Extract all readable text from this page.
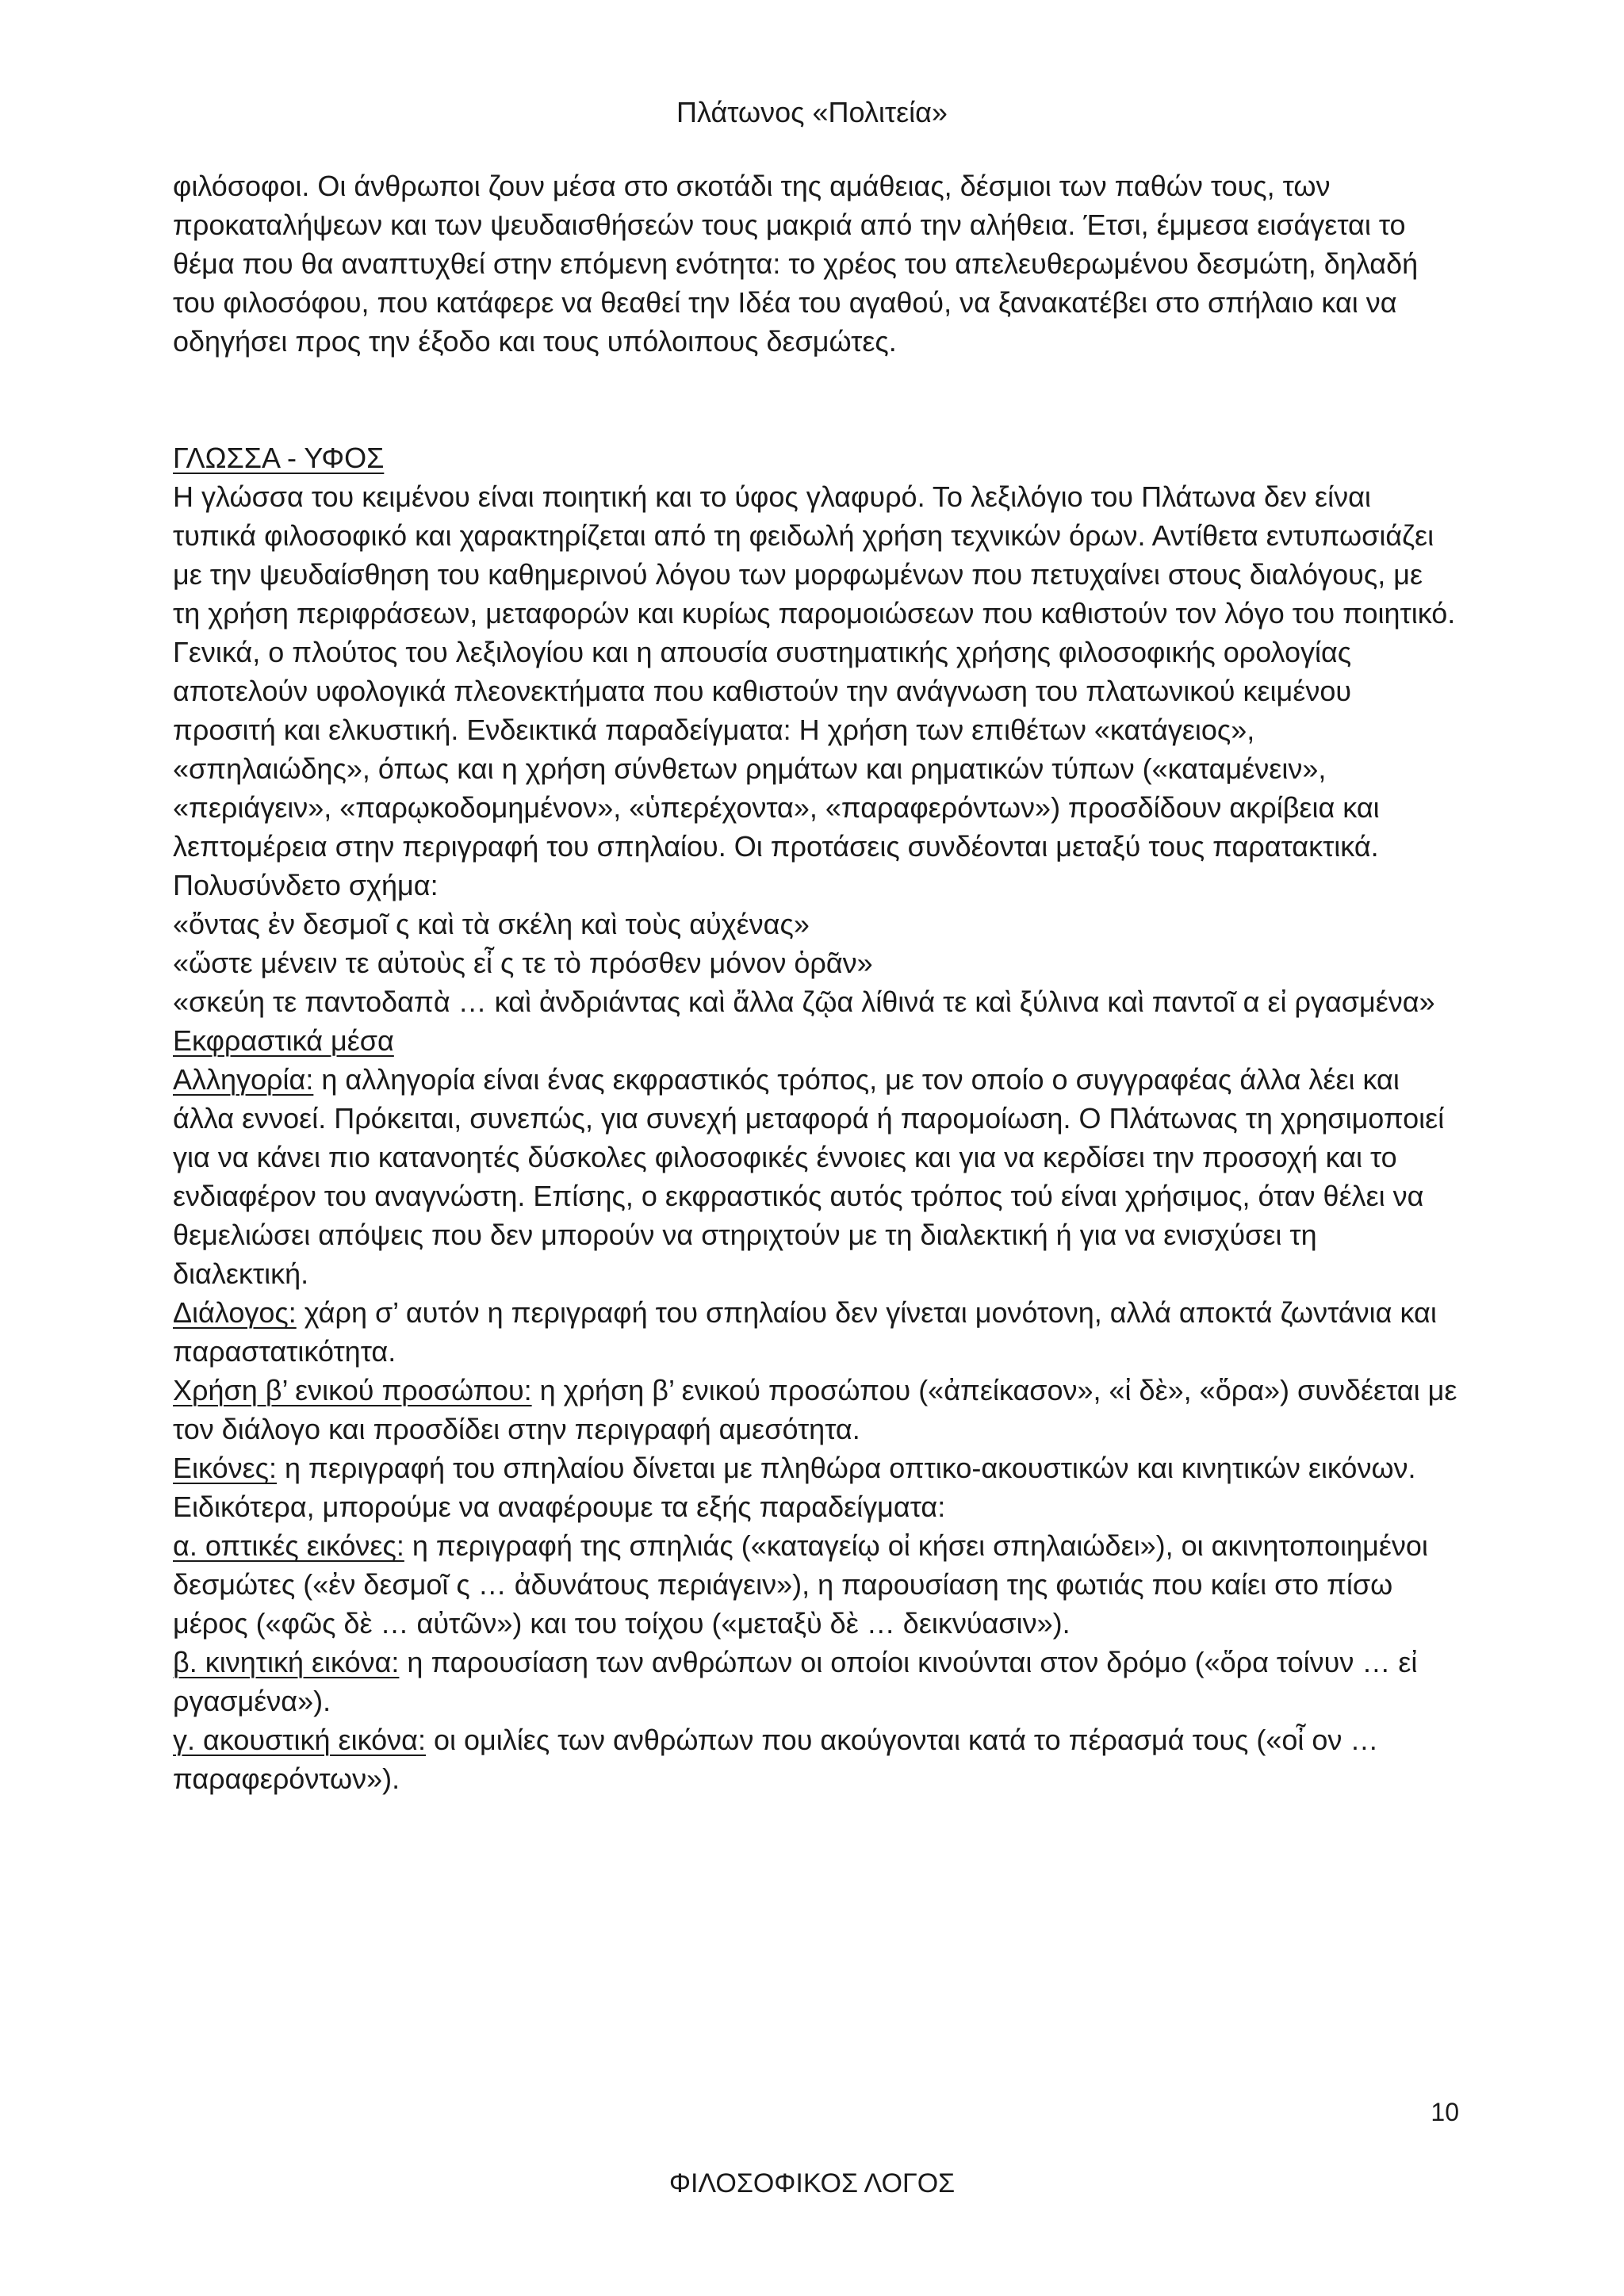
Πλάτωνος «Πολιτεία»

φιλόσοφοι. Οι άνθρωποι ζουν μέσα στο σκοτάδι της αμάθειας, δέσμιοι των παθών τους, των προκαταλήψεων και των ψευδαισθήσεών τους μακριά από την αλήθεια. Έτσι, έμμεσα εισάγεται το θέμα που θα αναπτυχθεί στην επόμενη ενότητα: το χρέος του απελευθερωμένου δεσμώτη, δηλαδή του φιλοσόφου, που κατάφερε να θεαθεί την Ιδέα του αγαθού, να ξανακατέβει στο σπήλαιο και να οδηγήσει προς την έξοδο και τους υπόλοιπους δεσμώτες.

ΓΛΩΣΣΑ - ΥΦΟΣ

Η γλώσσα του κειμένου είναι ποιητική και το ύφος γλαφυρό. Το λεξιλόγιο του Πλάτωνα δεν είναι τυπικά φιλοσοφικό και χαρακτηρίζεται από τη φειδωλή χρήση τεχνικών όρων. Αντίθετα εντυπωσιάζει με την ψευδαίσθηση του καθημερινού λόγου των μορφωμένων που πετυχαίνει στους διαλόγους, με τη χρήση περιφράσεων, μεταφορών και κυρίως παρομοιώσεων που καθιστούν τον λόγο του ποιητικό. Γενικά, ο πλούτος του λεξιλογίου και η απουσία συστηματικής χρήσης φιλοσοφικής ορολογίας αποτελούν υφολογικά πλεονεκτήματα που καθιστούν την ανάγνωση του πλατωνικού κειμένου προσιτή και ελκυστική. Ενδεικτικά παραδείγματα: Η χρήση των επιθέτων «κατάγειος», «σπηλαιώδης», όπως και η χρήση σύνθετων ρημάτων και ρηματικών τύπων («καταμένειν», «περιάγειν», «παρῳκοδομημένον», «ὑπερέχοντα», «παραφερόντων») προσδίδουν ακρίβεια και λεπτομέρεια στην περιγραφή του σπηλαίου. Οι προτάσεις συνδέονται μεταξύ τους παρατακτικά. Πολυσύνδετο σχήμα:

«ὄντας ἐν δεσμοῖ ς καὶ τὰ σκέλη καὶ τοὺς αὐχένας»

«ὥστε μένειν τε αὐτοὺς εἶ ς τε τὸ πρόσθεν μόνον ὁρᾶν»

«σκεύη τε παντοδαπὰ … καὶ ἀνδριάντας καὶ ἄλλα ζῷα λίθινά τε καὶ ξύλινα καὶ παντοῖ α εἰ ργασμένα»

Εκφραστικά μέσα

Αλληγορία: η αλληγορία είναι ένας εκφραστικός τρόπος, με τον οποίο ο συγγραφέας άλλα λέει και άλλα εννοεί. Πρόκειται, συνεπώς, για συνεχή μεταφορά ή παρομοίωση. Ο Πλάτωνας τη χρησιμοποιεί για να κάνει πιο κατανοητές δύσκολες φιλοσοφικές έννοιες και για να κερδίσει την προσοχή και το ενδιαφέρον του αναγνώστη. Επίσης, ο εκφραστικός αυτός τρόπος τού είναι χρήσιμος, όταν θέλει να θεμελιώσει απόψεις που δεν μπορούν να στηριχτούν με τη διαλεκτική ή για να ενισχύσει τη διαλεκτική.

Διάλογος: χάρη σ’ αυτόν η περιγραφή του σπηλαίου δεν γίνεται μονότονη, αλλά αποκτά ζωντάνια και παραστατικότητα.

Χρήση β’ ενικού προσώπου: η χρήση β’ ενικού προσώπου («ἀπείκασον», «ἰ δὲ», «ὅρα») συνδέεται με τον διάλογο και προσδίδει στην περιγραφή αμεσότητα.

Εικόνες: η περιγραφή του σπηλαίου δίνεται με πληθώρα οπτικο-ακουστικών και κινητικών εικόνων. Ειδικότερα, μπορούμε να αναφέρουμε τα εξής παραδείγματα:

α. οπτικές εικόνες: η περιγραφή της σπηλιάς («καταγείῳ οἰ κήσει σπηλαιώδει»), οι ακινητοποιημένοι δεσμώτες («ἐν δεσμοῖ ς … ἀδυνάτους περιάγειν»), η παρουσίαση της φωτιάς που καίει στο πίσω μέρος («φῶς δὲ … αὐτῶν») και του τοίχου («μεταξὺ δὲ … δεικνύασιν»).

β. κινητική εικόνα: η παρουσίαση των ανθρώπων οι οποίοι κινούνται στον δρόμο («ὅρα τοίνυν … εἰ ργασμένα»).

γ. ακουστική εικόνα: οι ομιλίες των ανθρώπων που ακούγονται κατά το πέρασμά τους («οἶ ον … παραφερόντων»).

10
ΦΙΛΟΣΟΦΙΚΟΣ ΛΟΓΟΣ
